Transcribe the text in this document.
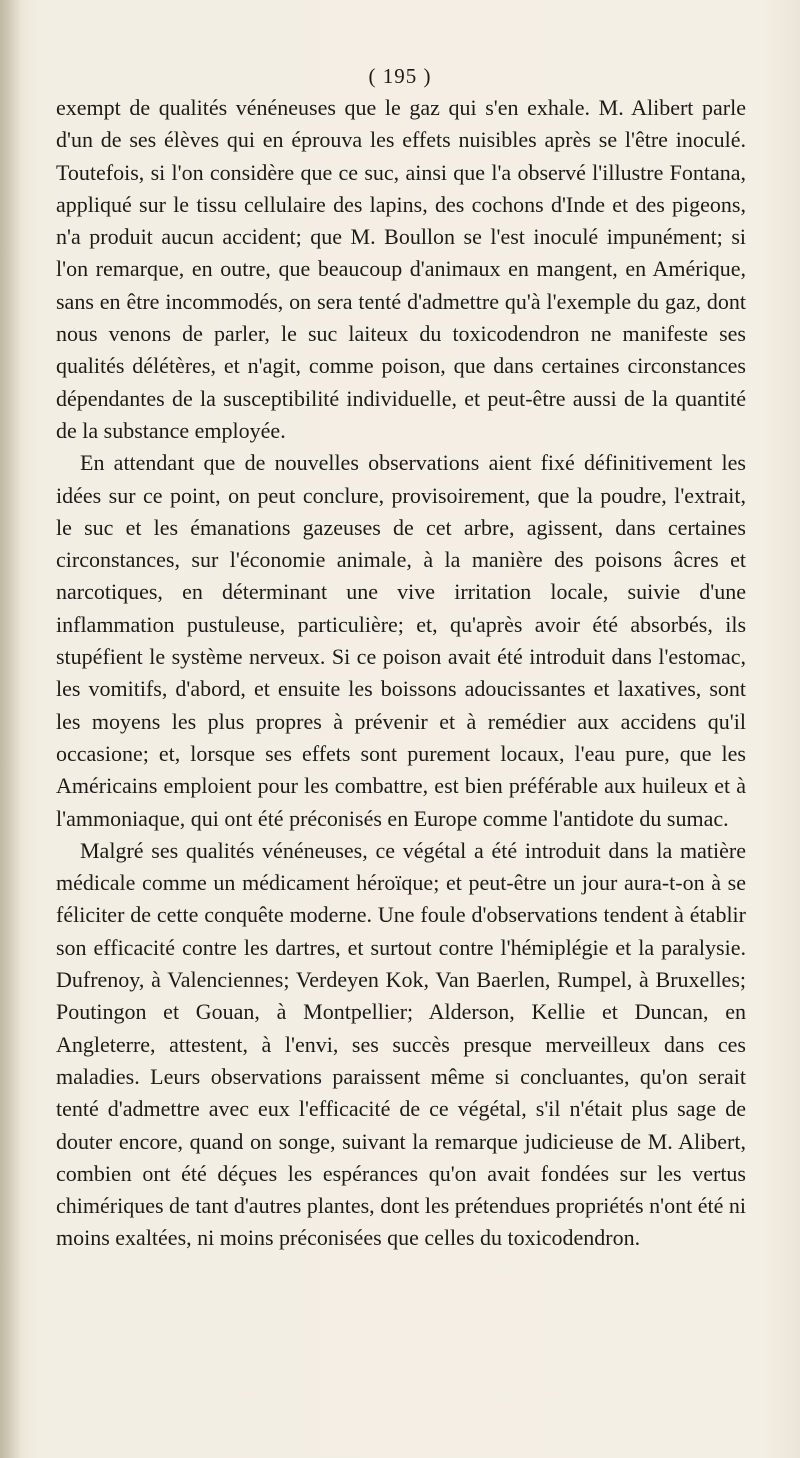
( 195 )

exempt de qualités vénéneuses que le gaz qui s'en exhale. M. Alibert parle d'un de ses élèves qui en éprouva les effets nuisibles après se l'être inoculé. Toutefois, si l'on considère que ce suc, ainsi que l'a observé l'illustre Fontana, appliqué sur le tissu cellulaire des lapins, des cochons d'Inde et des pigeons, n'a produit aucun accident; que M. Boullon se l'est inoculé impunément; si l'on remarque, en outre, que beaucoup d'animaux en mangent, en Amérique, sans en être incommodés, on sera tenté d'admettre qu'à l'exemple du gaz, dont nous venons de parler, le suc laiteux du toxicodendron ne manifeste ses qualités délétères, et n'agit, comme poison, que dans certaines circonstances dépendantes de la susceptibilité individuelle, et peut-être aussi de la quantité de la substance employée.

En attendant que de nouvelles observations aient fixé définitivement les idées sur ce point, on peut conclure, provisoirement, que la poudre, l'extrait, le suc et les émanations gazeuses de cet arbre, agissent, dans certaines circonstances, sur l'économie animale, à la manière des poisons âcres et narcotiques, en déterminant une vive irritation locale, suivie d'une inflammation pustuleuse, particulière; et, qu'après avoir été absorbés, ils stupéfient le système nerveux. Si ce poison avait été introduit dans l'estomac, les vomitifs, d'abord, et ensuite les boissons adoucissantes et laxatives, sont les moyens les plus propres à prévenir et à remédier aux accidens qu'il occasione; et, lorsque ses effets sont purement locaux, l'eau pure, que les Américains emploient pour les combattre, est bien préférable aux huileux et à l'ammoniaque, qui ont été préconisés en Europe comme l'antidote du sumac.

Malgré ses qualités vénéneuses, ce végétal a été introduit dans la matière médicale comme un médicament héroïque; et peut-être un jour aura-t-on à se féliciter de cette conquête moderne. Une foule d'observations tendent à établir son efficacité contre les dartres, et surtout contre l'hémiplégie et la paralysie. Dufrenoy, à Valenciennes; Verdeyen Kok, Van Baerlen, Rumpel, à Bruxelles; Poutingon et Gouan, à Montpellier; Alderson, Kellie et Duncan, en Angleterre, attestent, à l'envi, ses succès presque merveilleux dans ces maladies. Leurs observations paraissent même si concluantes, qu'on serait tenté d'admettre avec eux l'efficacité de ce végétal, s'il n'était plus sage de douter encore, quand on songe, suivant la remarque judicieuse de M. Alibert, combien ont été déçues les espérances qu'on avait fondées sur les vertus chimériques de tant d'autres plantes, dont les prétendues propriétés n'ont été ni moins exaltées, ni moins préconisées que celles du toxicodendron.
